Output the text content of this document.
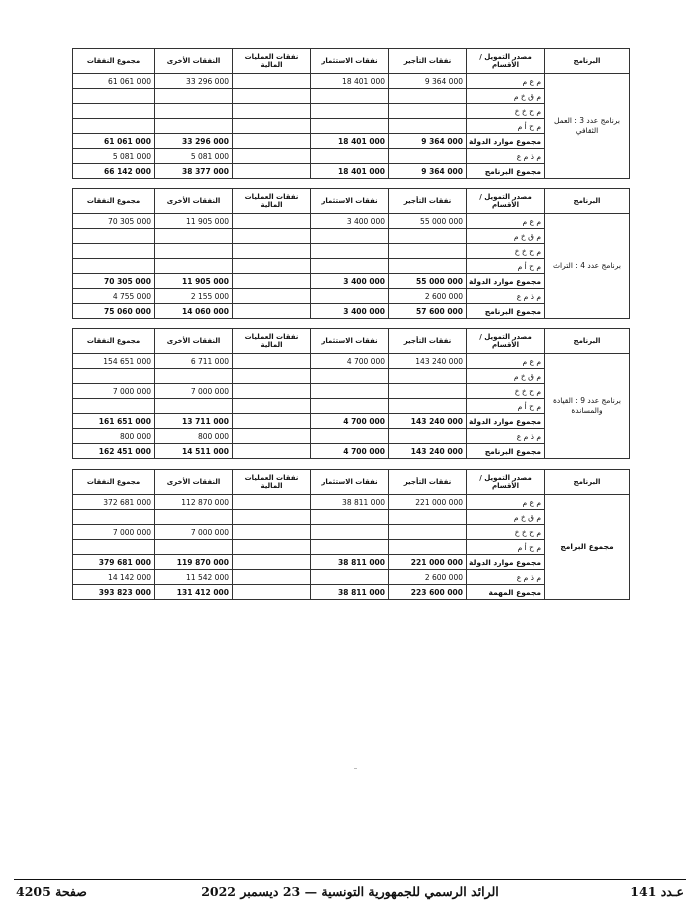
مجموع النفقات	النفقات الأخرى	نفقات العمليات المالية	نفقات الاستثمار	نفقات التأجير	مصدر التمويل / الأقسام	البرنامج
61 061 000	33 296 000		18 401 000	9 364 000	م ع م	برنامج عدد 3 : العمل الثقافي
					م ق خ م	
					م ح خ خ	
					م ح أ م	
61 061 000	33 296 000		18 401 000	9 364 000	مجموع موارد الدولة	
5 081 000	5 081 000				م ذ م ع	
66 142 000	38 377 000		18 401 000	9 364 000	مجموع البرنامج	
مجموع النفقات	النفقات الأخرى	نفقات العمليات المالية	نفقات الاستثمار	نفقات التأجير	مصدر التمويل / الأقسام	البرنامج
70 305 000	11 905 000		3 400 000	55 000 000	م ع م	برنامج عدد 4 : التراث
					م ق خ م	
					م ح خ خ	
					م ح أ م	
70 305 000	11 905 000		3 400 000	55 000 000	مجموع موارد الدولة	
4 755 000	2 155 000			2 600 000	م ذ م ع	
75 060 000	14 060 000		3 400 000	57 600 000	مجموع البرنامج	
مجموع النفقات	النفقات الأخرى	نفقات العمليات المالية	نفقات الاستثمار	نفقات التأجير	مصدر التمويل / الأقسام	البرنامج
154 651 000	6 711 000		4 700 000	143 240 000	م ع م	برنامج عدد 9 : القيادة والمساندة
					م ق خ م	
7 000 000	7 000 000				م ح خ خ	
					م ح أ م	
161 651 000	13 711 000		4 700 000	143 240 000	مجموع موارد الدولة	
800 000	800 000				م ذ م ع	
162 451 000	14 511 000		4 700 000	143 240 000	مجموع البرنامج	
مجموع النفقات	النفقات الأخرى	نفقات العمليات المالية	نفقات الاستثمار	نفقات التأجير	مصدر التمويل / الأقسام	البرنامج
372 681 000	112 870 000		38 811 000	221 000 000	م ع م	مجموع البرامج
					م ق خ م	
7 000 000	7 000 000				م ح خ خ	
					م ح أ م	
379 681 000	119 870 000		38 811 000	221 000 000	مجموع موارد الدولة	
14 142 000	11 542 000			2 600 000	م ذ م ع	
393 823 000	131 412 000		38 811 000	223 600 000	مجموع المهمة	
صفحة 4205	الرائد الرسمي للجمهورية التونسية — 23 ديسمبر 2022	عـدد 141
